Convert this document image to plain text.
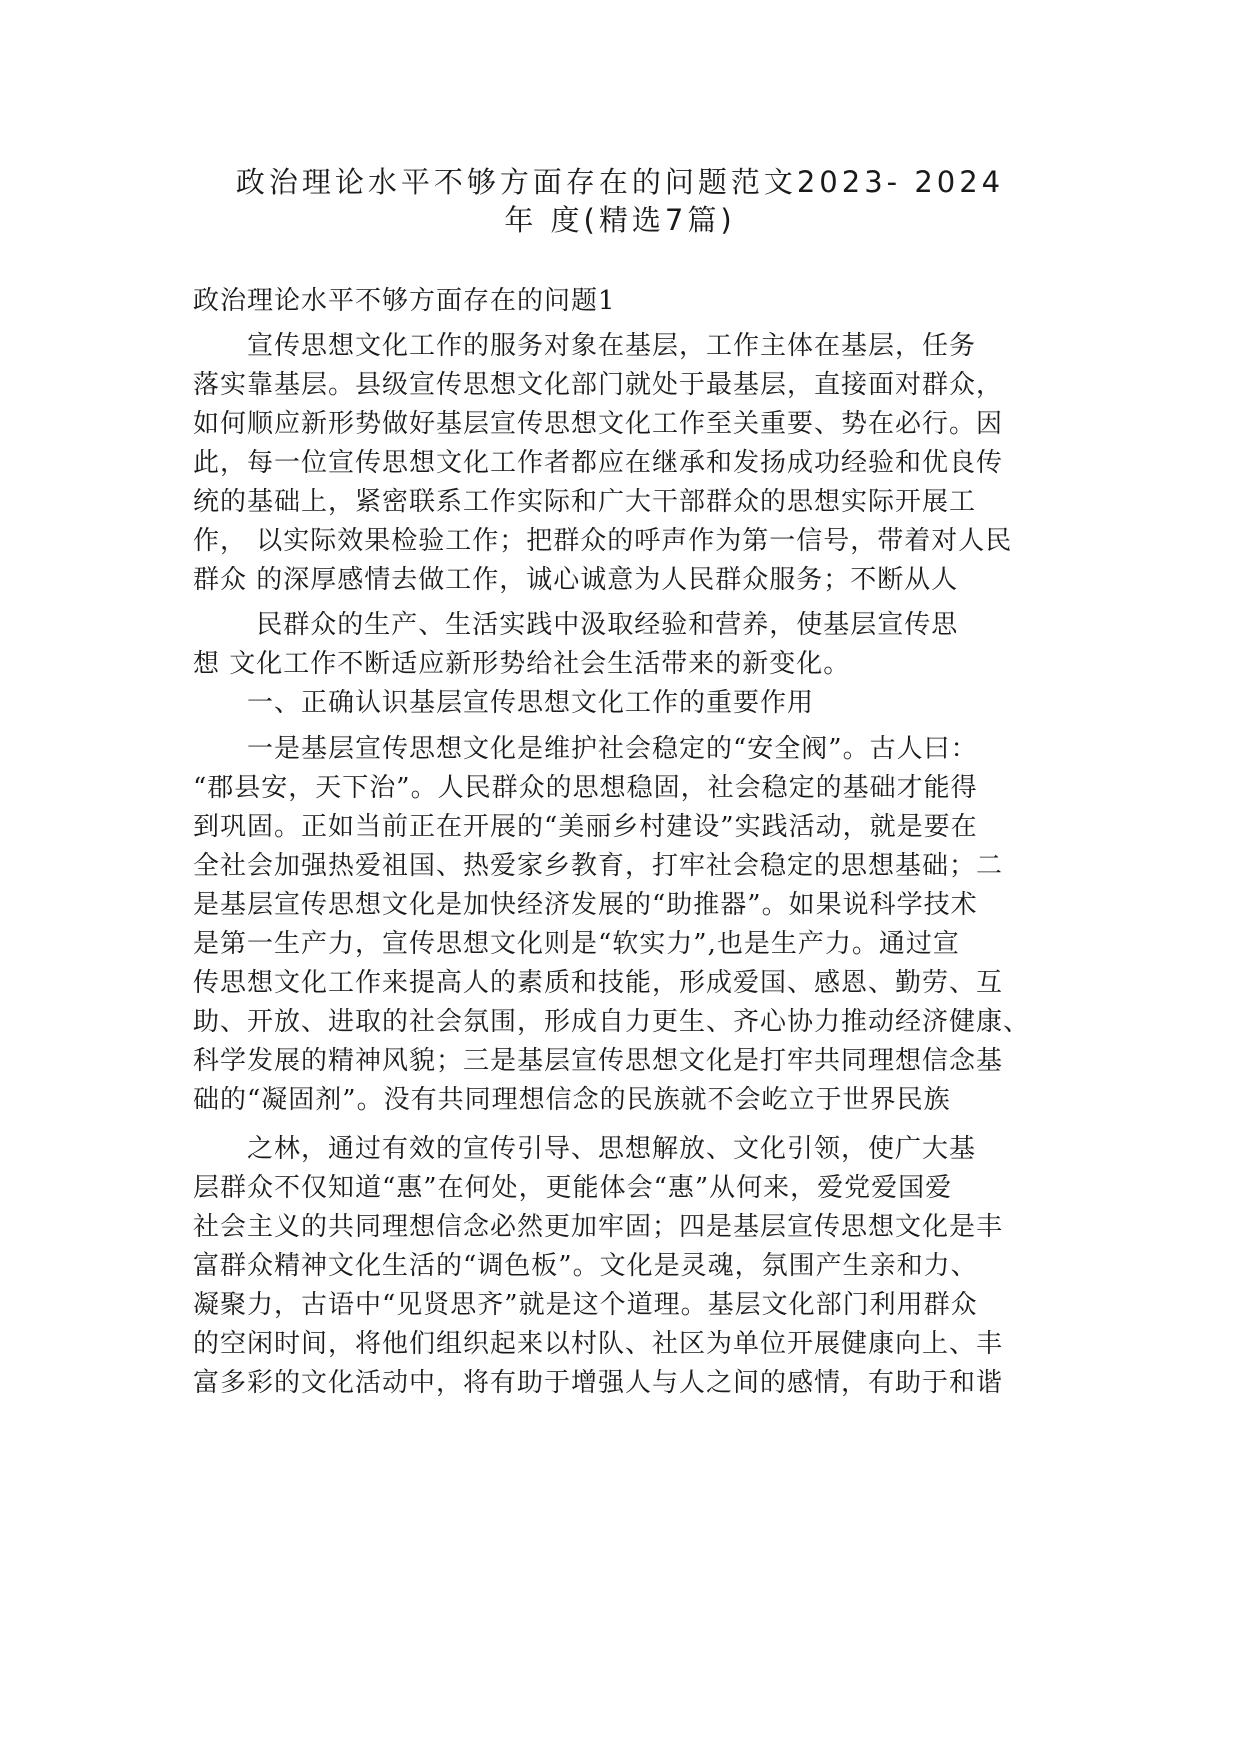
政治理论水平不够方面存在的问题范文2023- 2024
年 度(精选7篇)

政治理论水平不够方面存在的问题1

　　宣传思想文化工作的服务对象在基层，工作主体在基层，任务
落实靠基层。县级宣传思想文化部门就处于最基层，直接面对群众，
如何顺应新形势做好基层宣传思想文化工作至关重要、势在必行。因
此，每一位宣传思想文化工作者都应在继承和发扬成功经验和优良传
统的基础上，紧密联系工作实际和广大干部群众的思想实际开展工
作， 以实际效果检验工作；把群众的呼声作为第一信号，带着对人民
群众 的深厚感情去做工作，诚心诚意为人民群众服务；不断从人

　　 民群众的生产、生活实践中汲取经验和营养，使基层宣传思
想 文化工作不断适应新形势给社会生活带来的新变化。
　　一、正确认识基层宣传思想文化工作的重要作用

　　一是基层宣传思想文化是维护社会稳定的“安全阀”。古人曰：
“郡县安，天下治”。人民群众的思想稳固，社会稳定的基础才能得
到巩固。正如当前正在开展的“美丽乡村建设”实践活动，就是要在
全社会加强热爱祖国、热爱家乡教育，打牢社会稳定的思想基础；二
是基层宣传思想文化是加快经济发展的“助推器”。如果说科学技术
是第一生产力，宣传思想文化则是“软实力”,也是生产力。通过宣
传思想文化工作来提高人的素质和技能，形成爱国、感恩、勤劳、互
助、开放、进取的社会氛围，形成自力更生、齐心协力推动经济健康、
科学发展的精神风貌；三是基层宣传思想文化是打牢共同理想信念基
础的“凝固剂”。没有共同理想信念的民族就不会屹立于世界民族

　　之林，通过有效的宣传引导、思想解放、文化引领，使广大基
层群众不仅知道“惠”在何处，更能体会“惠”从何来，爱党爱国爱
社会主义的共同理想信念必然更加牢固；四是基层宣传思想文化是丰
富群众精神文化生活的“调色板”。文化是灵魂，氛围产生亲和力、
凝聚力，古语中“见贤思齐”就是这个道理。基层文化部门利用群众
的空闲时间，将他们组织起来以村队、社区为单位开展健康向上、丰
富多彩的文化活动中，将有助于增强人与人之间的感情，有助于和谐
